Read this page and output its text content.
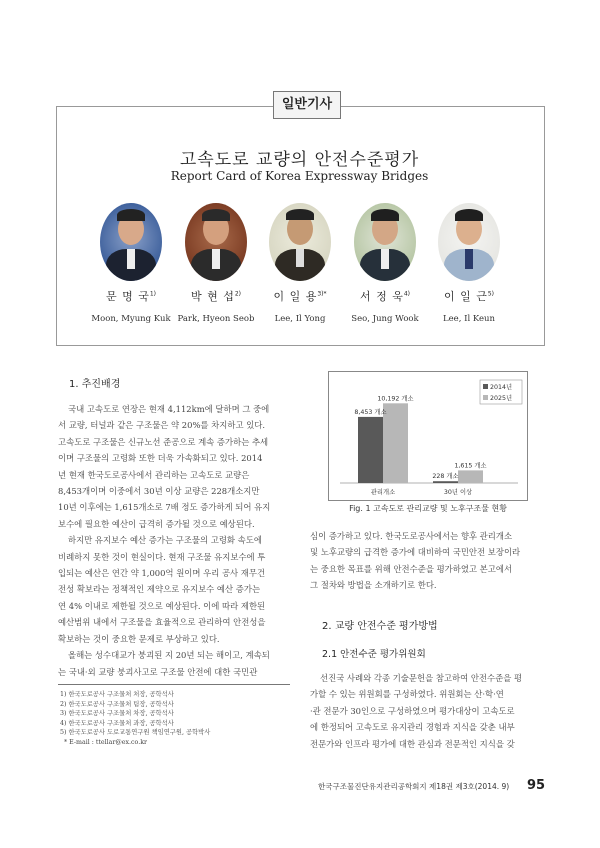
일반기사
고속도로 교량의 안전수준평가
Report Card of Korea Expressway Bridges
문 명 국$^{1)}$
Moon, Myung Kuk
박 현 섭$^{2)}$
Park, Hyeon Seob
이 일 용$^{3)*}$
Lee, Il Yong
서 정 욱$^{4)}$
Seo, Jung Wook
이 일 근$^{5)}$
Lee, Il Keun
1. 추진배경
국내 고속도로 연장은 현재 4,112km에 달하며 그 중에
서 교량, 터널과 같은 구조물은 약 20%를 차지하고 있다.
고속도로 구조물은 신규노선 준공으로 계속 증가하는 추세
이며 구조물의 고령화 또한 더욱 가속화되고 있다. 2014
년 현재 한국도로공사에서 관리하는 고속도로 교량은
8,453개이며 이중에서 30년 이상 교량은 228개소지만
10년 이후에는 1,615개소로 7배 정도 증가하게 되어 유지
보수에 필요한 예산이 급격히 증가될 것으로 예상된다.
하지만 유지보수 예산 증가는 구조물의 고령화 속도에
비례하지 못한 것이 현실이다. 현재 구조물 유지보수에 투
입되는 예산은 연간 약 1,000억 원이며 우리 공사 재무건
전성 확보라는 정책적인 제약으로 유지보수 예산 증가는
연 4% 이내로 제한될 것으로 예상된다. 이에 따라 제한된
예산범위 내에서 구조물을 효율적으로 관리하여 안전성을
확보하는 것이 중요한 문제로 부상하고 있다.
올해는 성수대교가 붕괴된 지 20년 되는 해이고, 계속되
는 국내·외 교량 붕괴사고로 구조물 안전에 대한 국민관
1) 한국도로공사 구조물처 처장, 공학석사
2) 한국도로공사 구조물처 팀장, 공학석사
3) 한국도로공사 구조물처 차장, 공학석사
4) 한국도로공사 구조물처 과장, 공학석사
5) 한국도로공사 도로교통연구원 책임연구원, 공학박사
* E-mail : ttellar@ex.co.kr
8,453 개소
10,192 개소
228 개소
1,615 개소
관리개소	30년 이상
2014년
2025년
Fig. 1 고속도로 관리교량 및 노후구조물 현황
심이 증가하고 있다. 한국도로공사에서는 향후 관리개소
및 노후교량의 급격한 증가에 대비하여 국민안전 보장이라
는 중요한 목표를 위해 안전수준을 평가하였고 본고에서
그 절차와 방법을 소개하기로 한다.
2. 교량 안전수준 평가방법
2.1 안전수준 평가위원회
선진국 사례와 각종 기술문헌을 참고하여 안전수준을 평
가할 수 있는 위원회를 구성하였다. 위원회는 산·학·연
·관 전문가 30인으로 구성하였으며 평가대상이 고속도로
에 한정되어 고속도로 유지관리 경험과 지식을 갖춘 내부
전문가와 인프라 평가에 대한 관심과 전문적인 지식을 갖
한국구조물진단유지관리공학회지 제18권 제3호(2014. 9) 95
